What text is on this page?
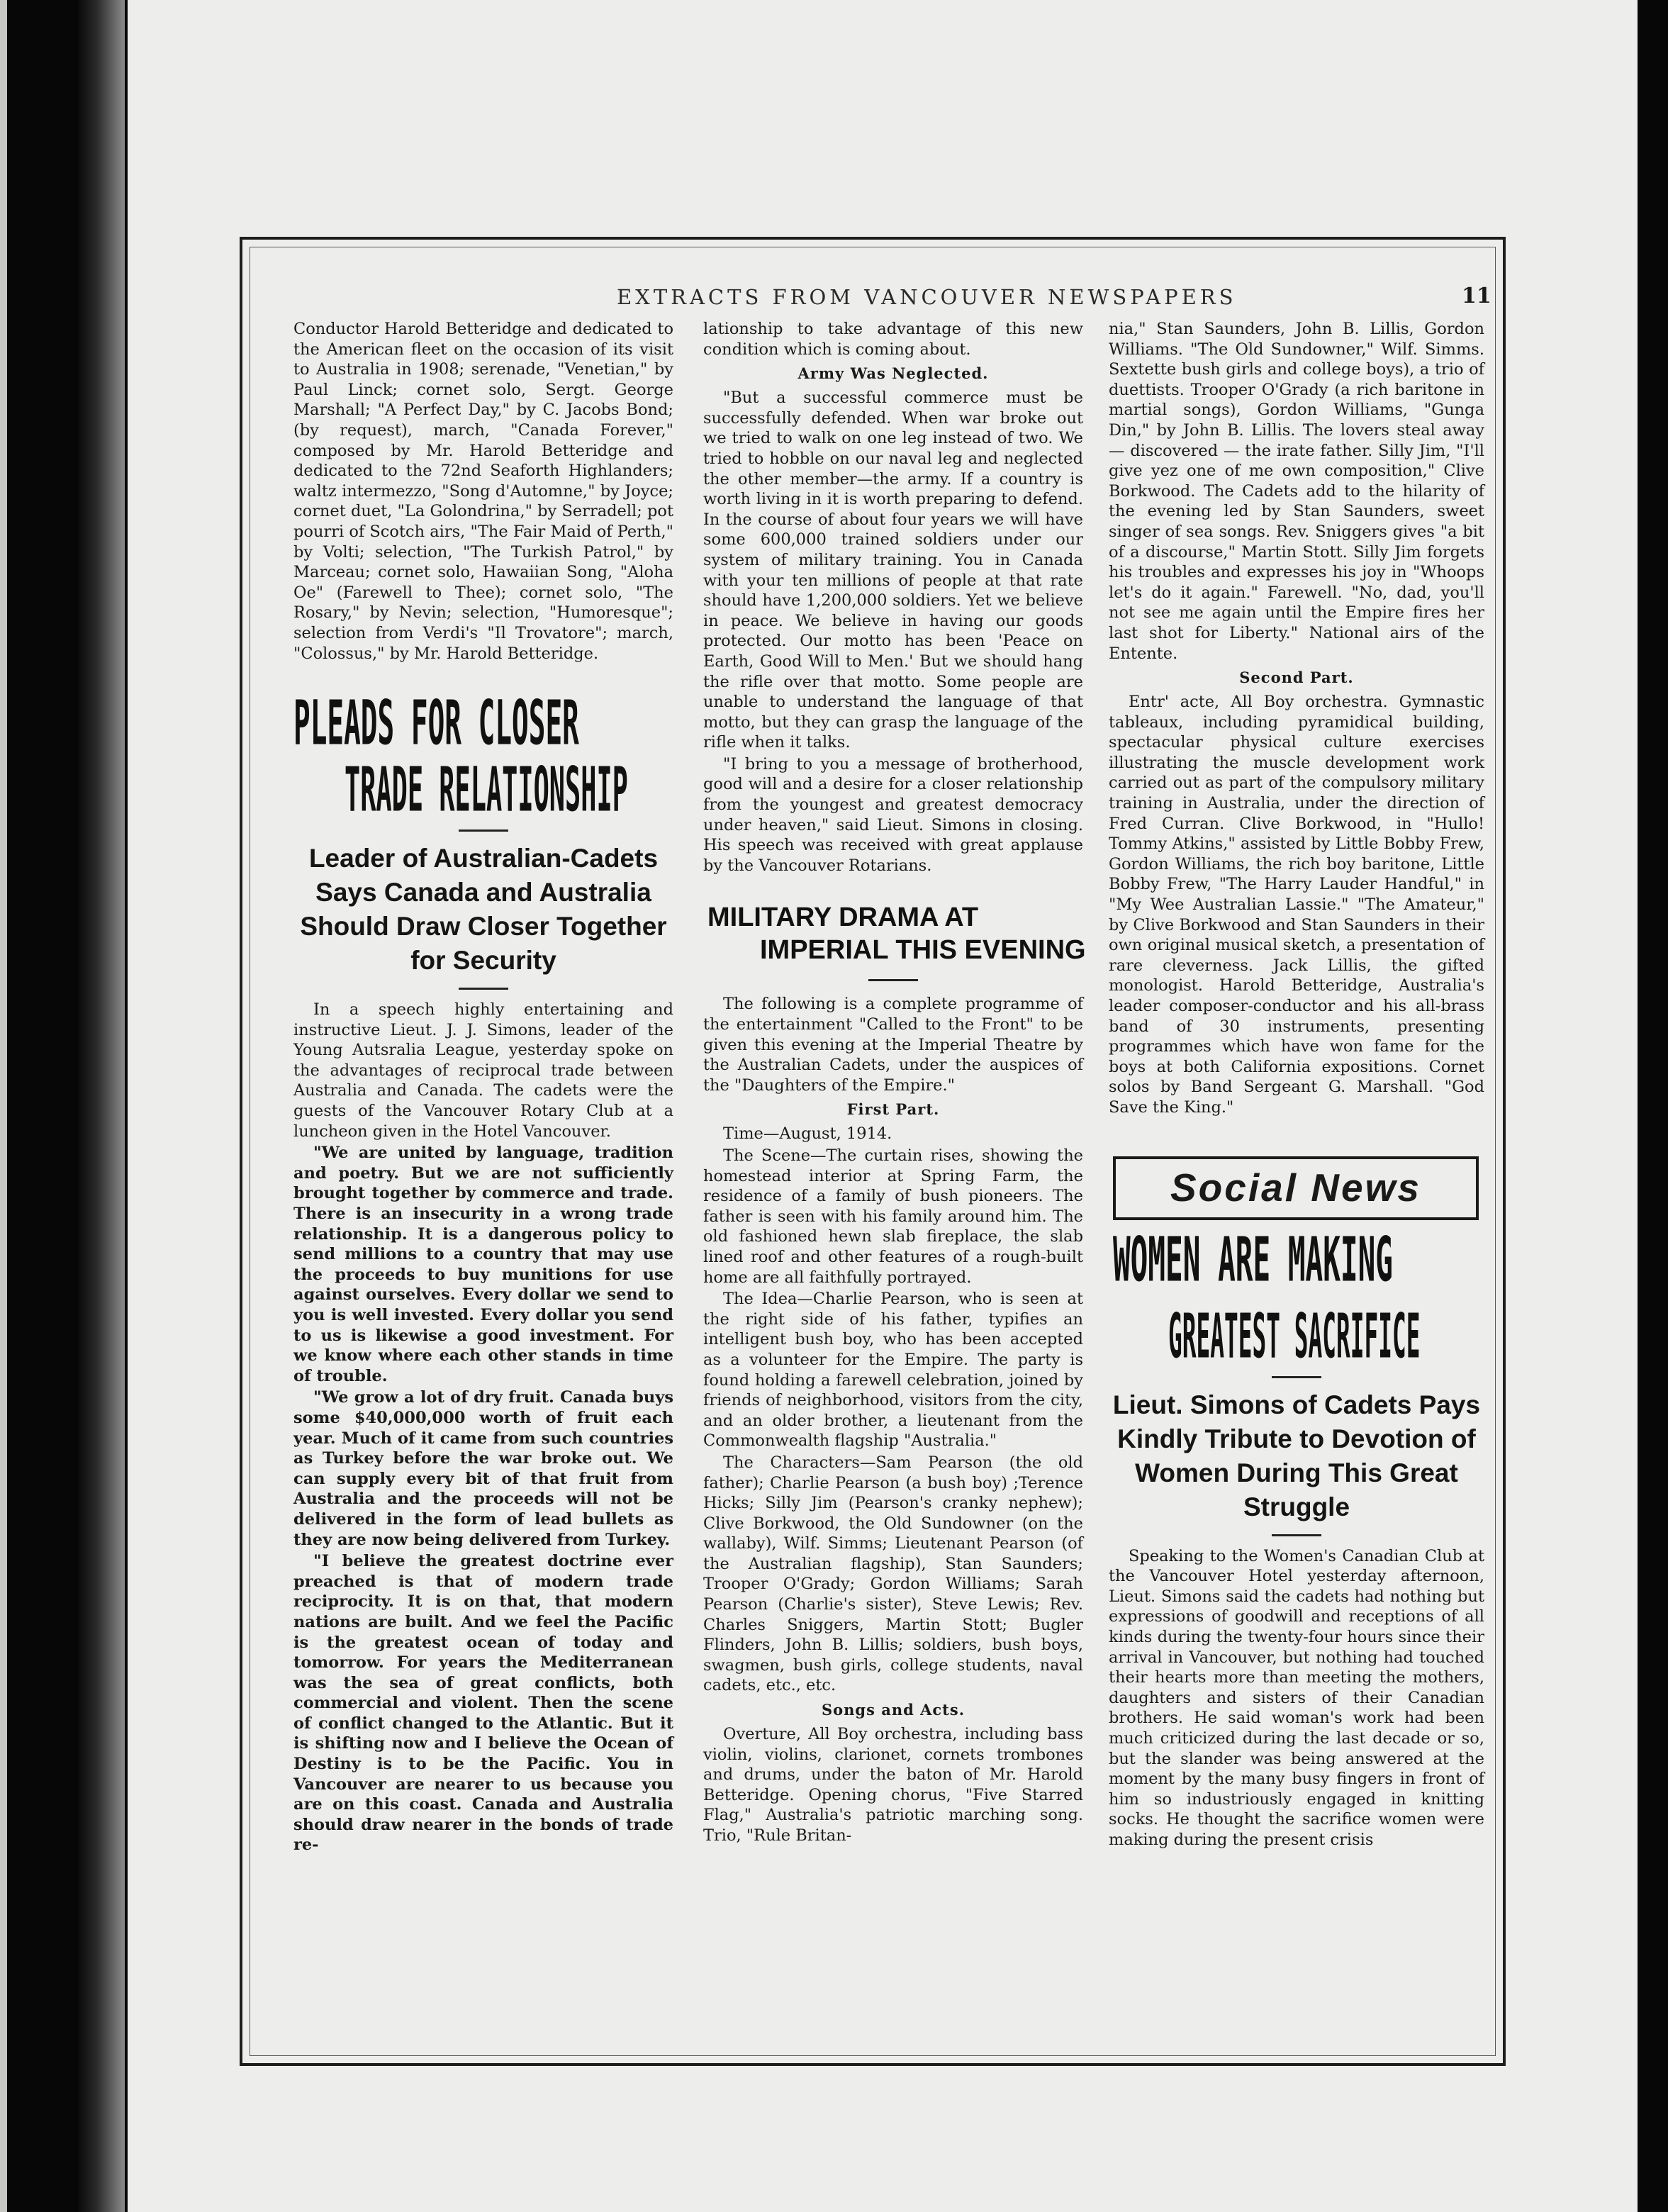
EXTRACTS FROM VANCOUVER NEWSPAPERS	11

Conductor Harold Betteridge and dedicated to the American fleet on the occasion of its visit to Australia in 1908; serenade, "Venetian," by Paul Linck; cornet solo, Sergt. George Marshall; "A Perfect Day," by C. Jacobs Bond; (by request), march, "Canada Forever," composed by Mr. Harold Betteridge and dedicated to the 72nd Seaforth Highlanders; waltz intermezzo, "Song d'Automne," by Joyce; cornet duet, "La Golondrina," by Serradell; pot pourri of Scotch airs, "The Fair Maid of Perth," by Volti; selection, "The Turkish Patrol," by Marceau; cornet solo, Hawaiian Song, "Aloha Oe" (Farewell to Thee); cornet solo, "The Rosary," by Nevin; selection, "Humoresque"; selection from Verdi's "Il Trovatore"; march, "Colossus," by Mr. Harold Betteridge.

PLEADS FOR CLOSER
TRADE RELATIONSHIP
Leader of Australian-Cadets Says Canada and Australia Should Draw Closer Together for Security

In a speech highly entertaining and instructive Lieut. J. J. Simons, leader of the Young Autsralia League, yesterday spoke on the advantages of reciprocal trade between Australia and Canada. The cadets were the guests of the Vancouver Rotary Club at a luncheon given in the Hotel Vancouver.

"We are united by language, tradition and poetry. But we are not sufficiently brought together by commerce and trade. There is an insecurity in a wrong trade relationship. It is a dangerous policy to send millions to a country that may use the proceeds to buy munitions for use against ourselves. Every dollar we send to you is well invested. Every dollar you send to us is likewise a good investment. For we know where each other stands in time of trouble.

"We grow a lot of dry fruit. Canada buys some $40,000,000 worth of fruit each year. Much of it came from such countries as Turkey before the war broke out. We can supply every bit of that fruit from Australia and the proceeds will not be delivered in the form of lead bullets as they are now being delivered from Turkey.

"I believe the greatest doctrine ever preached is that of modern trade reciprocity. It is on that, that modern nations are built. And we feel the Pacific is the greatest ocean of today and tomorrow. For years the Mediterranean was the sea of great conflicts, both commercial and violent. Then the scene of conflict changed to the Atlantic. But it is shifting now and I believe the Ocean of Destiny is to be the Pacific. You in Vancouver are nearer to us because you are on this coast. Canada and Australia should draw nearer in the bonds of trade re-

lationship to take advantage of this new condition which is coming about.

Army Was Neglected.

"But a successful commerce must be successfully defended. When war broke out we tried to walk on one leg instead of two. We tried to hobble on our naval leg and neglected the other member—the army. If a country is worth living in it is worth preparing to defend. In the course of about four years we will have some 600,000 trained soldiers under our system of military training. You in Canada with your ten millions of people at that rate should have 1,200,000 soldiers. Yet we believe in peace. We believe in having our goods protected. Our motto has been 'Peace on Earth, Good Will to Men.' But we should hang the rifle over that motto. Some people are unable to understand the language of that motto, but they can grasp the language of the rifle when it talks.

"I bring to you a message of brotherhood, good will and a desire for a closer relationship from the youngest and greatest democracy under heaven," said Lieut. Simons in closing. His speech was received with great applause by the Vancouver Rotarians.

MILITARY DRAMA AT
IMPERIAL THIS EVENING

The following is a complete programme of the entertainment "Called to the Front" to be given this evening at the Imperial Theatre by the Australian Cadets, under the auspices of the "Daughters of the Empire."

First Part.

Time—August, 1914.

The Scene—The curtain rises, showing the homestead interior at Spring Farm, the residence of a family of bush pioneers. The father is seen with his family around him. The old fashioned hewn slab fireplace, the slab lined roof and other features of a rough-built home are all faithfully portrayed.

The Idea—Charlie Pearson, who is seen at the right side of his father, typifies an intelligent bush boy, who has been accepted as a volunteer for the Empire. The party is found holding a farewell celebration, joined by friends of neighborhood, visitors from the city, and an older brother, a lieutenant from the Commonwealth flagship "Australia."

The Characters—Sam Pearson (the old father); Charlie Pearson (a bush boy) ;Terence Hicks; Silly Jim (Pearson's cranky nephew); Clive Borkwood, the Old Sundowner (on the wallaby), Wilf. Simms; Lieutenant Pearson (of the Australian flagship), Stan Saunders; Trooper O'Grady; Gordon Williams; Sarah Pearson (Charlie's sister), Steve Lewis; Rev. Charles Sniggers, Martin Stott; Bugler Flinders, John B. Lillis; soldiers, bush boys, swagmen, bush girls, college students, naval cadets, etc., etc.

Songs and Acts.

Overture, All Boy orchestra, including bass violin, violins, clarionet, cornets trombones and drums, under the baton of Mr. Harold Betteridge. Opening chorus, "Five Starred Flag," Australia's patriotic marching song. Trio, "Rule Britan-

nia," Stan Saunders, John B. Lillis, Gordon Williams. "The Old Sundowner," Wilf. Simms. Sextette bush girls and college boys), a trio of duettists. Trooper O'Grady (a rich baritone in martial songs), Gordon Williams, "Gunga Din," by John B. Lillis. The lovers steal away — discovered — the irate father. Silly Jim, "I'll give yez one of me own composition," Clive Borkwood. The Cadets add to the hilarity of the evening led by Stan Saunders, sweet singer of sea songs. Rev. Sniggers gives "a bit of a discourse," Martin Stott. Silly Jim forgets his troubles and expresses his joy in "Whoops let's do it again." Farewell. "No, dad, you'll not see me again until the Empire fires her last shot for Liberty." National airs of the Entente.

Second Part.

Entr' acte, All Boy orchestra. Gymnastic tableaux, including pyramidical building, spectacular physical culture exercises illustrating the muscle development work carried out as part of the compulsory military training in Australia, under the direction of Fred Curran. Clive Borkwood, in "Hullo! Tommy Atkins," assisted by Little Bobby Frew, Gordon Williams, the rich boy baritone, Little Bobby Frew, "The Harry Lauder Handful," in "My Wee Australian Lassie." "The Amateur," by Clive Borkwood and Stan Saunders in their own original musical sketch, a presentation of rare cleverness. Jack Lillis, the gifted monologist. Harold Betteridge, Australia's leader composer-conductor and his all-brass band of 30 instruments, presenting programmes which have won fame for the boys at both California expositions. Cornet solos by Band Sergeant G. Marshall. "God Save the King."

Social News
WOMEN ARE MAKING
GREATEST SACRIFICE
Lieut. Simons of Cadets Pays Kindly Tribute to Devotion of Women During This Great Struggle

Speaking to the Women's Canadian Club at the Vancouver Hotel yesterday afternoon, Lieut. Simons said the cadets had nothing but expressions of goodwill and receptions of all kinds during the twenty-four hours since their arrival in Vancouver, but nothing had touched their hearts more than meeting the mothers, daughters and sisters of their Canadian brothers. He said woman's work had been much criticized during the last decade or so, but the slander was being answered at the moment by the many busy fingers in front of him so industriously engaged in knitting socks. He thought the sacrifice women were making during the present crisis
